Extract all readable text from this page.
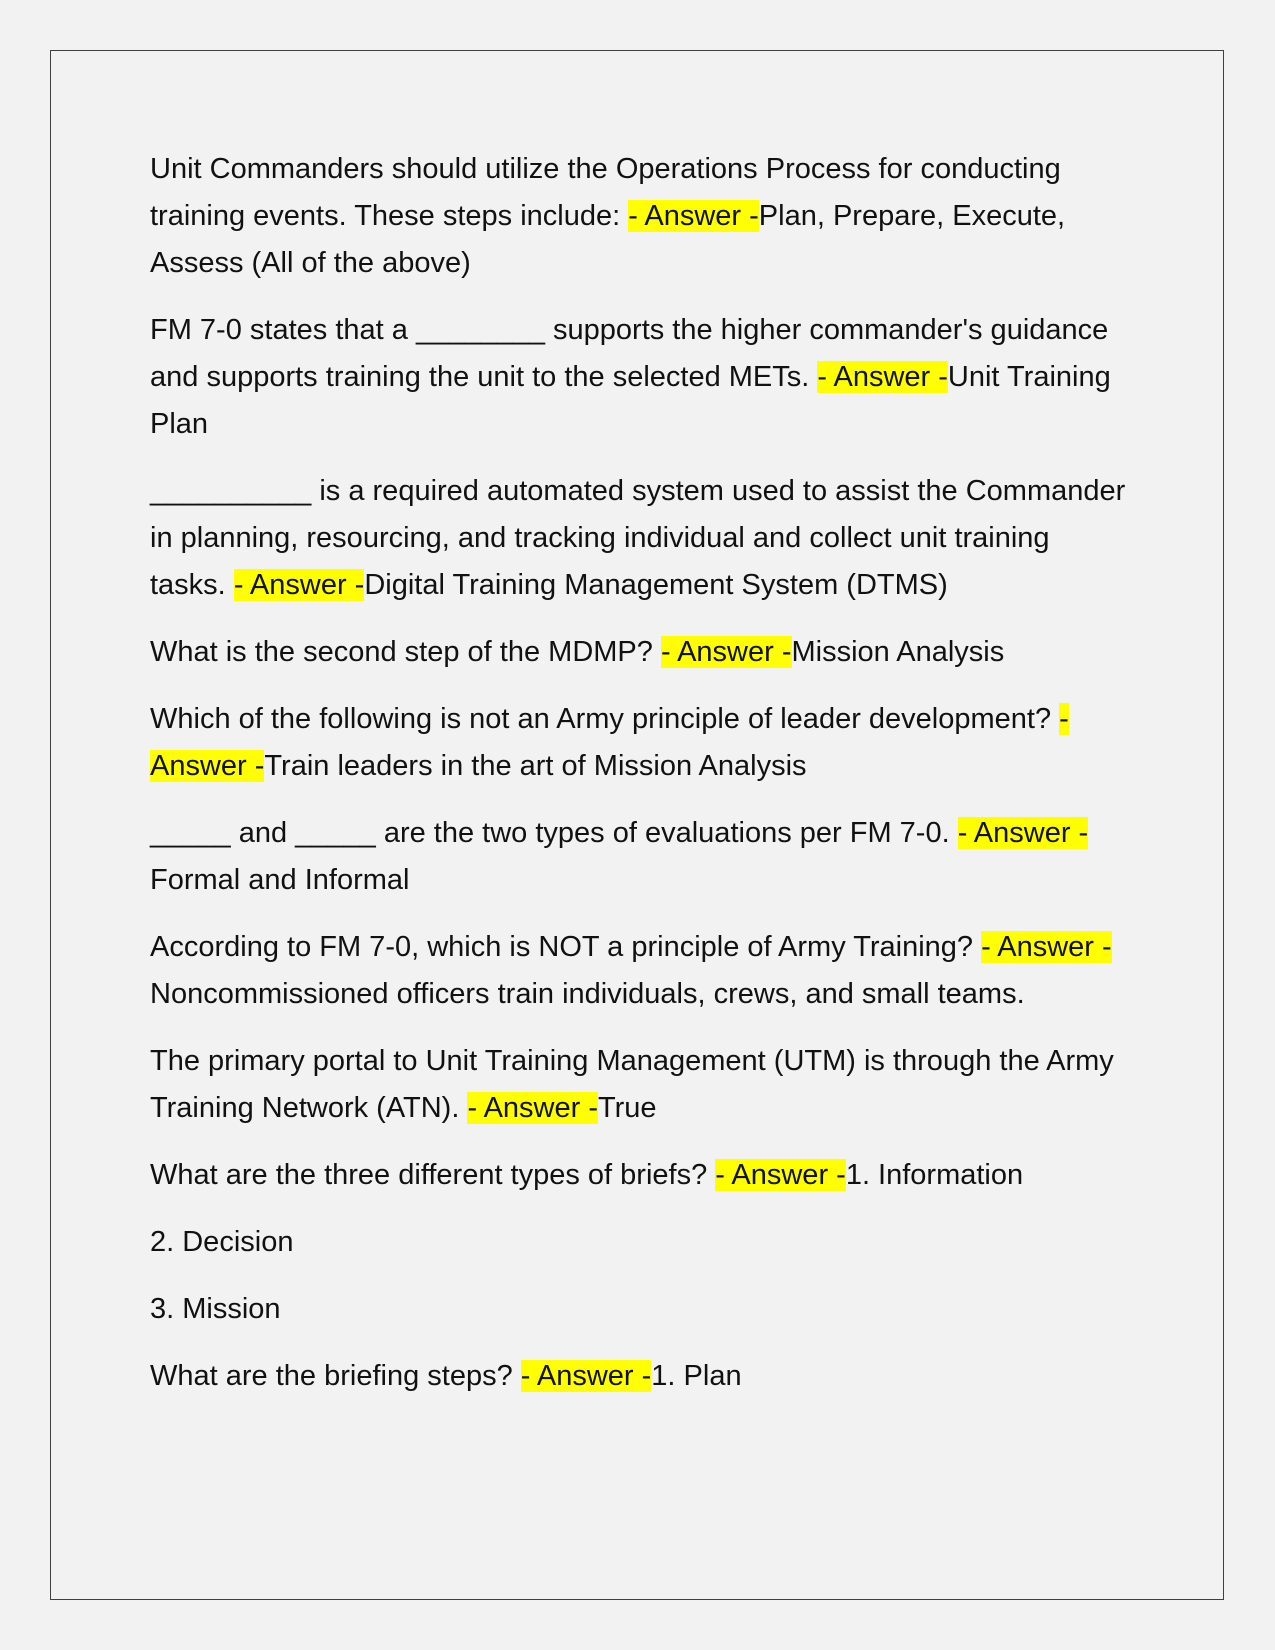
Unit Commanders should utilize the Operations Process for conducting training events. These steps include: - Answer -Plan, Prepare, Execute, Assess (All of the above)

FM 7-0 states that a ________ supports the higher commander's guidance and supports training the unit to the selected METs. - Answer -Unit Training Plan

__________ is a required automated system used to assist the Commander in planning, resourcing, and tracking individual and collect unit training tasks. - Answer -Digital Training Management System (DTMS)

What is the second step of the MDMP? - Answer -Mission Analysis

Which of the following is not an Army principle of leader development? - Answer -Train leaders in the art of Mission Analysis

_____ and _____ are the two types of evaluations per FM 7-0. - Answer -Formal and Informal

According to FM 7-0, which is NOT a principle of Army Training? - Answer -Noncommissioned officers train individuals, crews, and small teams.

The primary portal to Unit Training Management (UTM) is through the Army Training Network (ATN). - Answer -True

What are the three different types of briefs? - Answer -1. Information

2. Decision

3. Mission

What are the briefing steps? - Answer -1. Plan
